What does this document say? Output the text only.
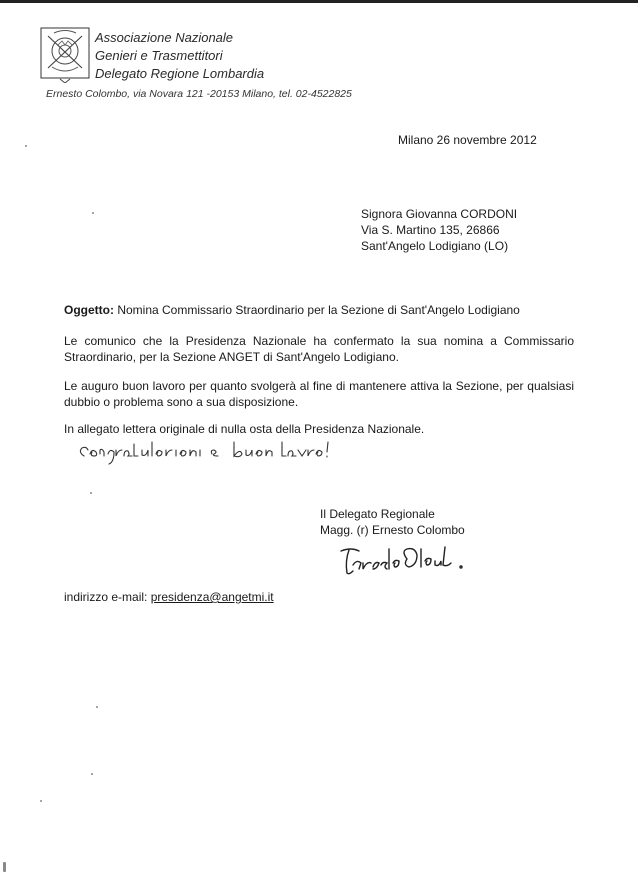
Associazione Nazionale
Genieri e Trasmettitori
Delegato Regione Lombardia
Ernesto Colombo, via Novara 121 -20153 Milano, tel. 02-4522825
Milano 26 novembre 2012
Signora Giovanna CORDONI
Via S. Martino 135, 26866
Sant'Angelo Lodigiano (LO)
Oggetto: Nomina Commissario Straordinario per la Sezione di Sant'Angelo Lodigiano
Le comunico che la Presidenza Nazionale ha confermato la sua nomina a Commissario Straordinario, per la Sezione ANGET di Sant'Angelo Lodigiano.
Le auguro buon lavoro per quanto svolgerà al fine di mantenere attiva la Sezione, per qualsiasi dubbio o problema sono a sua disposizione.
In allegato lettera originale di nulla osta della Presidenza Nazionale.
Il Delegato Regionale
Magg. (r) Ernesto Colombo
indirizzo e-mail: presidenza@angetmi.it
